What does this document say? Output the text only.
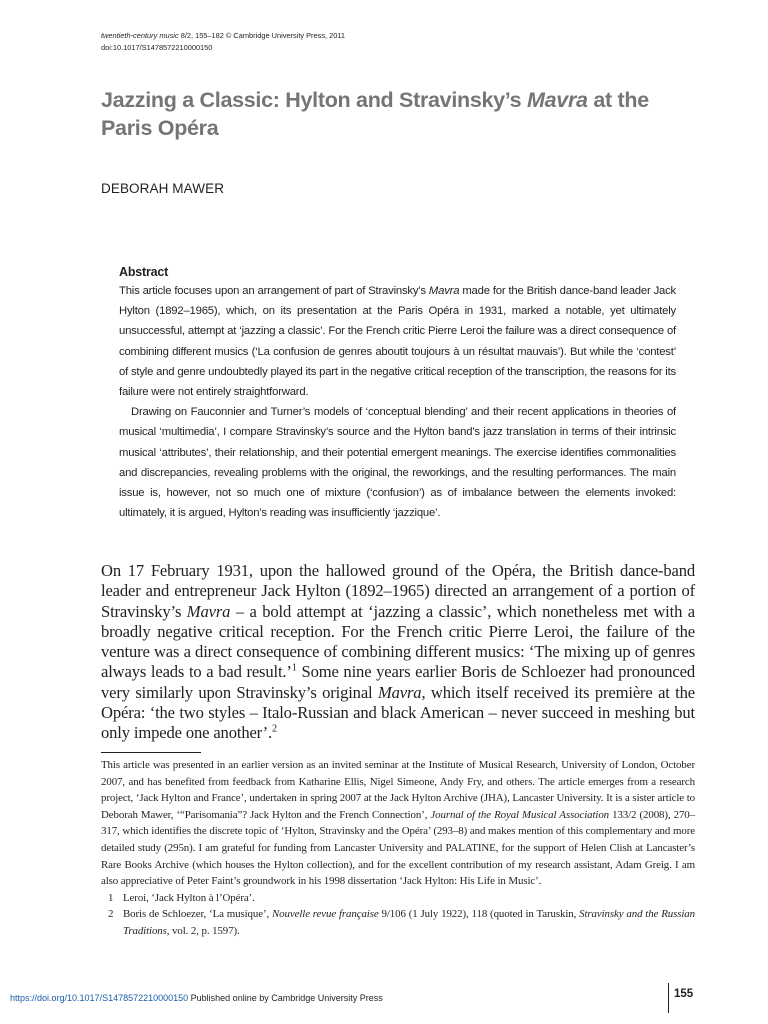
twentieth-century music 8/2, 155–182 © Cambridge University Press, 2011
doi:10.1017/S1478572210000150
Jazzing a Classic: Hylton and Stravinsky’s Mavra at the Paris Opéra
DEBORAH MAWER
Abstract

This article focuses upon an arrangement of part of Stravinsky’s Mavra made for the British dance-band leader Jack Hylton (1892–1965), which, on its presentation at the Paris Opéra in 1931, marked a notable, yet ultimately unsuccessful, attempt at ‘jazzing a classic’. For the French critic Pierre Leroi the failure was a direct consequence of combining different musics (‘La confusion de genres aboutit toujours à un résultat mauvais’). But while the ‘contest’ of style and genre undoubtedly played its part in the negative critical reception of the transcription, the reasons for its failure were not entirely straightforward.

Drawing on Fauconnier and Turner’s models of ‘conceptual blending’ and their recent applications in theories of musical ‘multimedia’, I compare Stravinsky’s source and the Hylton band’s jazz translation in terms of their intrinsic musical ‘attributes’, their relationship, and their potential emergent meanings. The exercise identifies commonalities and discrepancies, revealing problems with the original, the reworkings, and the resulting performances. The main issue is, however, not so much one of mixture (‘confusion’) as of imbalance between the elements invoked: ultimately, it is argued, Hylton’s reading was insufficiently ‘jazzique’.

On 17 February 1931, upon the hallowed ground of the Opéra, the British dance-band leader and entrepreneur Jack Hylton (1892–1965) directed an arrangement of a portion of Stravinsky’s Mavra – a bold attempt at ‘jazzing a classic’, which nonetheless met with a broadly negative critical reception. For the French critic Pierre Leroi, the failure of the venture was a direct consequence of combining different musics: ‘The mixing up of genres always leads to a bad result.’$^1$ Some nine years earlier Boris de Schloezer had pronounced very similarly upon Stravinsky’s original Mavra, which itself received its première at the Opéra: ‘the two styles – Italo-Russian and black American – never succeed in meshing but only impede one another’.$^2$

This article was presented in an earlier version as an invited seminar at the Institute of Musical Research, University of London, October 2007, and has benefited from feedback from Katharine Ellis, Nigel Simeone, Andy Fry, and others. The article emerges from a research project, ‘Jack Hylton and France’, undertaken in spring 2007 at the Jack Hylton Archive (JHA), Lancaster University. It is a sister article to Deborah Mawer, ‘“Parisomania”? Jack Hylton and the French Connection’, Journal of the Royal Musical Association 133/2 (2008), 270–317, which identifies the discrete topic of ‘Hylton, Stravinsky and the Opéra’ (293–8) and makes mention of this complementary and more detailed study (295n). I am grateful for funding from Lancaster University and PALATINE, for the support of Helen Clish at Lancaster’s Rare Books Archive (which houses the Hylton collection), and for the excellent contribution of my research assistant, Adam Greig. I am also appreciative of Peter Faint’s groundwork in his 1998 dissertation ‘Jack Hylton: His Life in Music’.

1 Leroi, ‘Jack Hylton à l’Opéra’.

2 Boris de Schloezer, ‘La musique’, Nouvelle revue française 9/106 (1 July 1922), 118 (quoted in Taruskin, Stravinsky and the Russian Traditions, vol. 2, p. 1597).

https://doi.org/10.1017/S1478572210000150 Published online by Cambridge University Press	155
